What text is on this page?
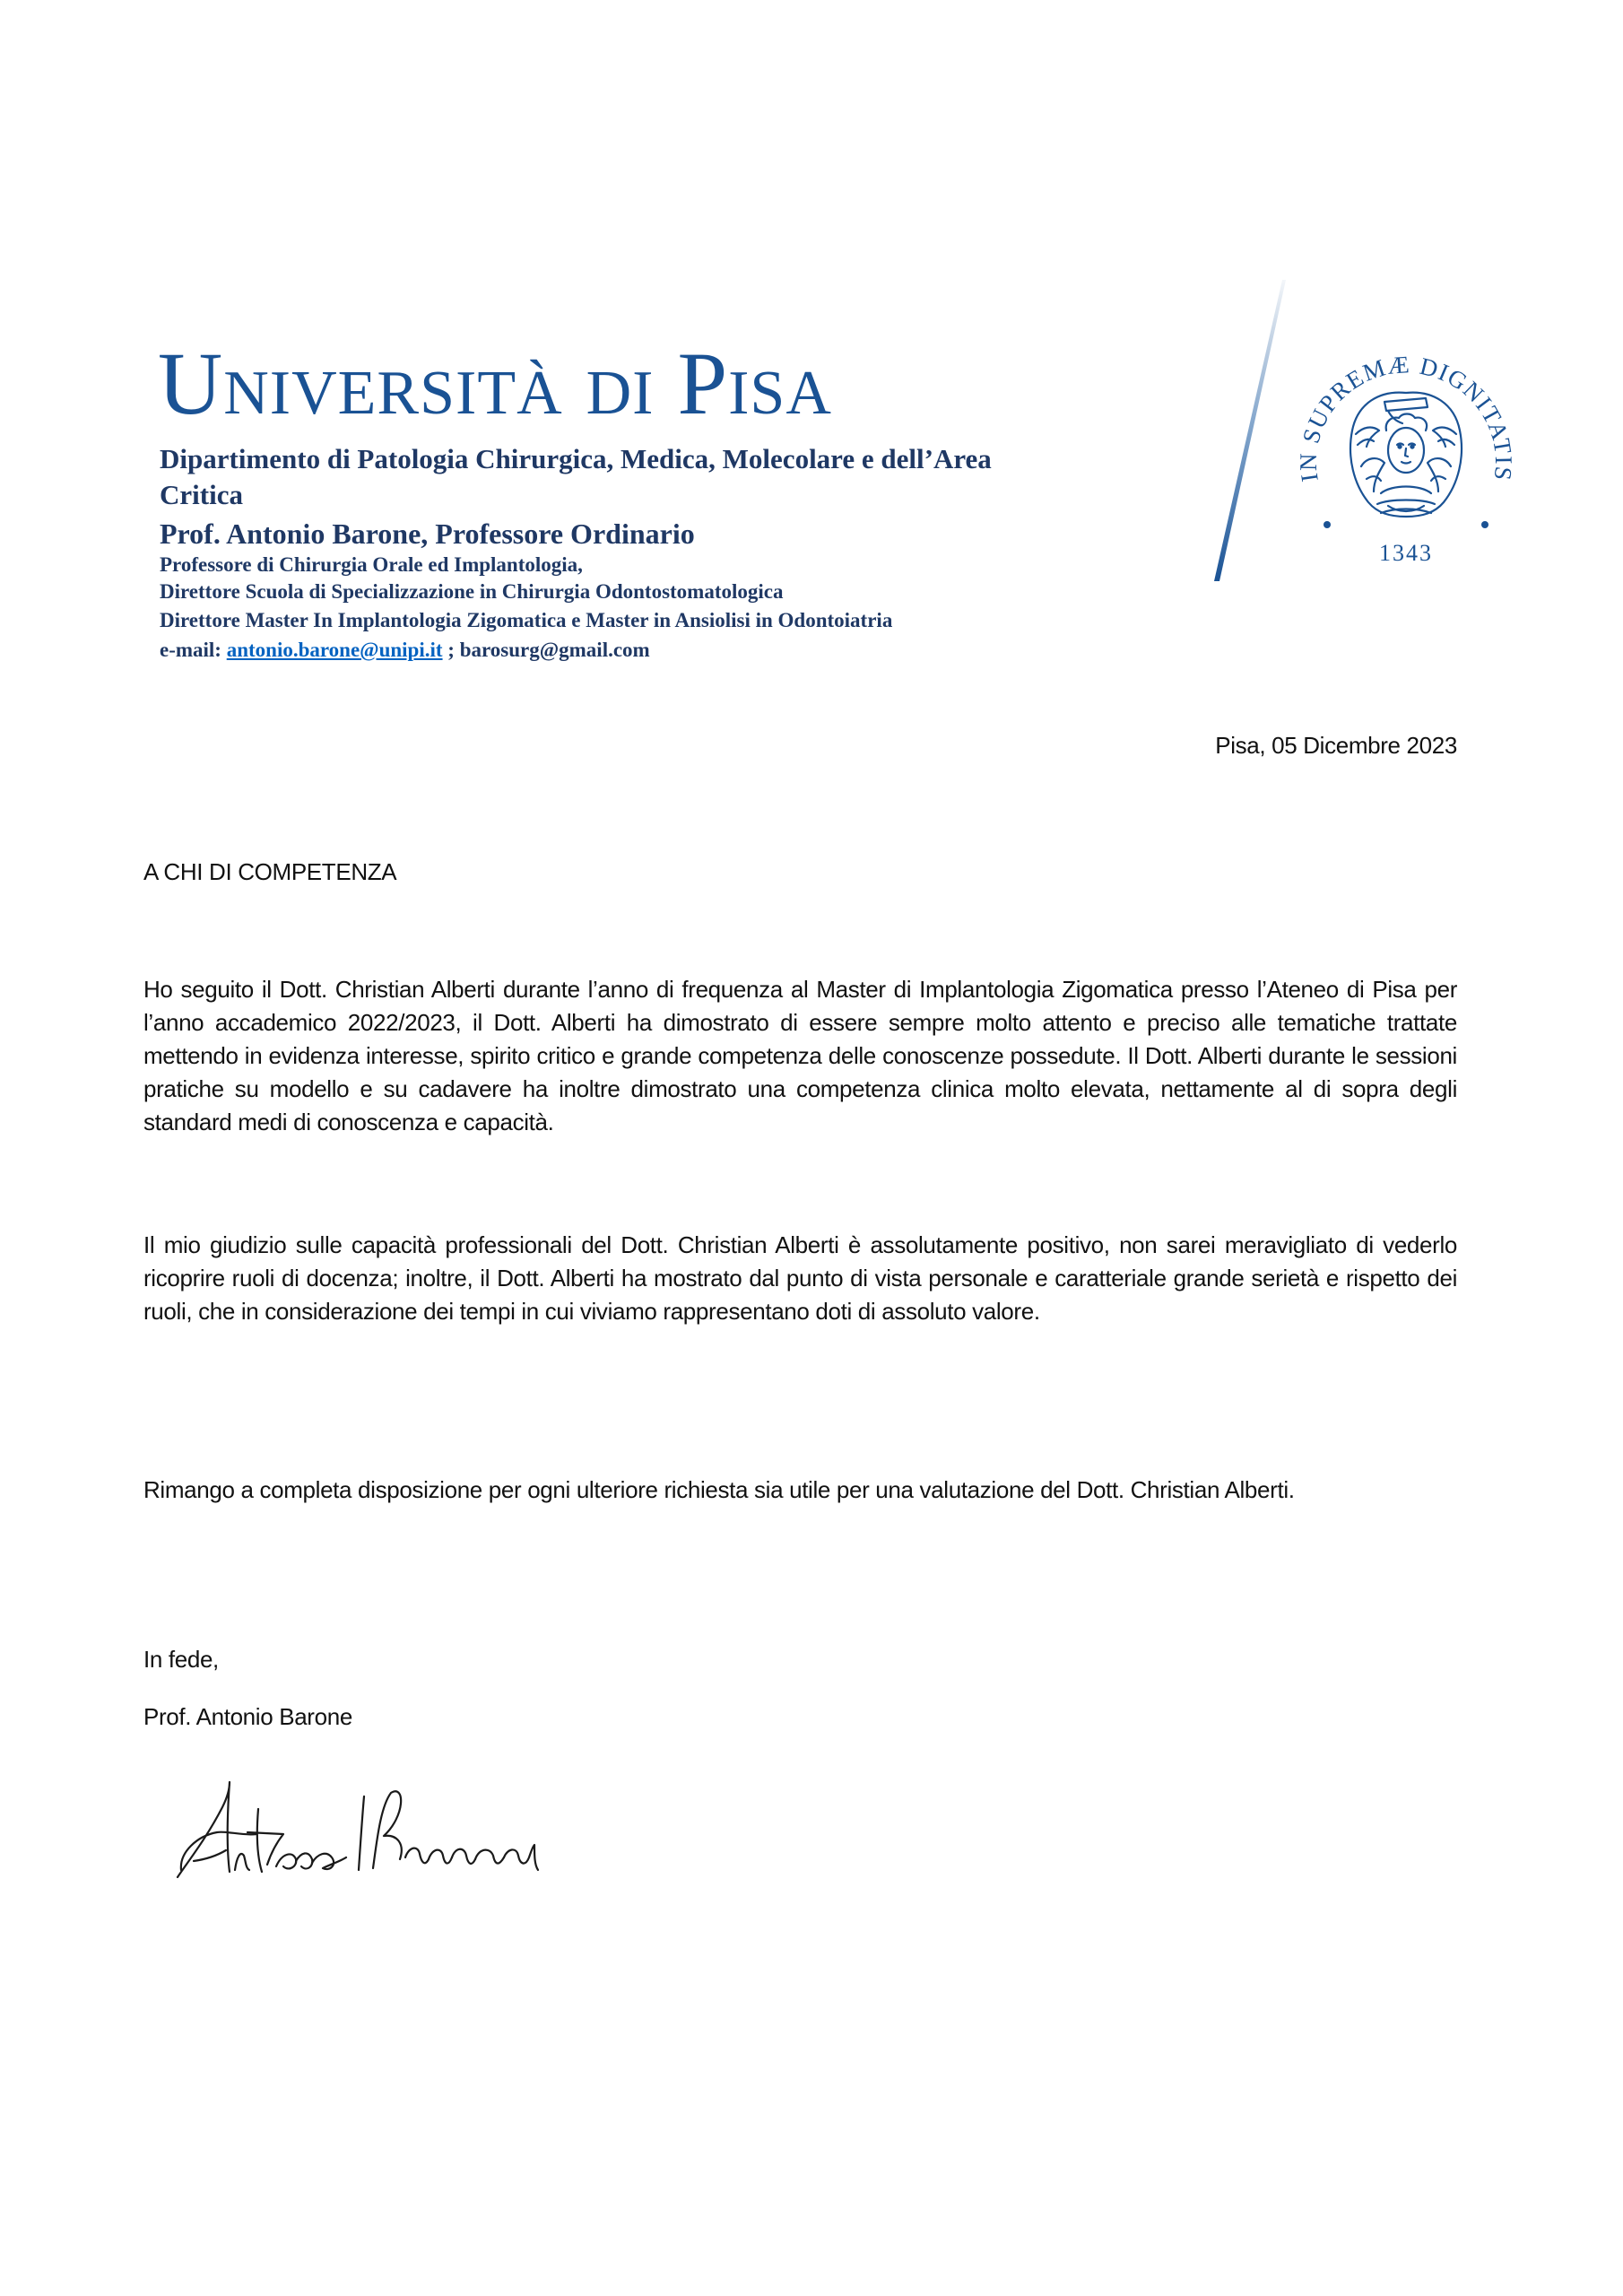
Università di Pisa

Dipartimento di Patologia Chirurgica, Medica, Molecolare e dell’Area

Critica

Prof. Antonio Barone, Professore Ordinario

Professore di Chirurgia Orale ed Implantologia,

Direttore Scuola di Specializzazione in Chirurgia Odontostomatologica

Direttore Master In Implantologia Zigomatica e Master in Ansiolisi in Odontoiatria

e-mail: antonio.barone@unipi.it ; barosurg@gmail.com

IN SUPREMÆ DIGNITATIS
1343

Pisa, 05 Dicembre 2023

A CHI DI COMPETENZA

Ho seguito il Dott. Christian Alberti durante l’anno di frequenza al Master di Implantologia Zigomatica presso l’Ateneo di Pisa per l’anno accademico 2022/2023, il Dott. Alberti ha dimostrato di essere sempre molto attento e preciso alle tematiche trattate mettendo in evidenza interesse, spirito critico e grande competenza delle conoscenze possedute. Il Dott. Alberti durante le sessioni pratiche su modello e su cadavere ha inoltre dimostrato una competenza clinica molto elevata, nettamente al di sopra degli standard medi di conoscenza e capacità.

Il mio giudizio sulle capacità professionali del Dott. Christian Alberti è assolutamente positivo, non sarei meravigliato di vederlo ricoprire ruoli di docenza; inoltre, il Dott. Alberti ha mostrato dal punto di vista personale e caratteriale grande serietà e rispetto dei ruoli, che in considerazione dei tempi in cui viviamo rappresentano doti di assoluto valore.

Rimango a completa disposizione per ogni ulteriore richiesta sia utile per una valutazione del Dott. Christian Alberti.

In fede,

Prof. Antonio Barone
